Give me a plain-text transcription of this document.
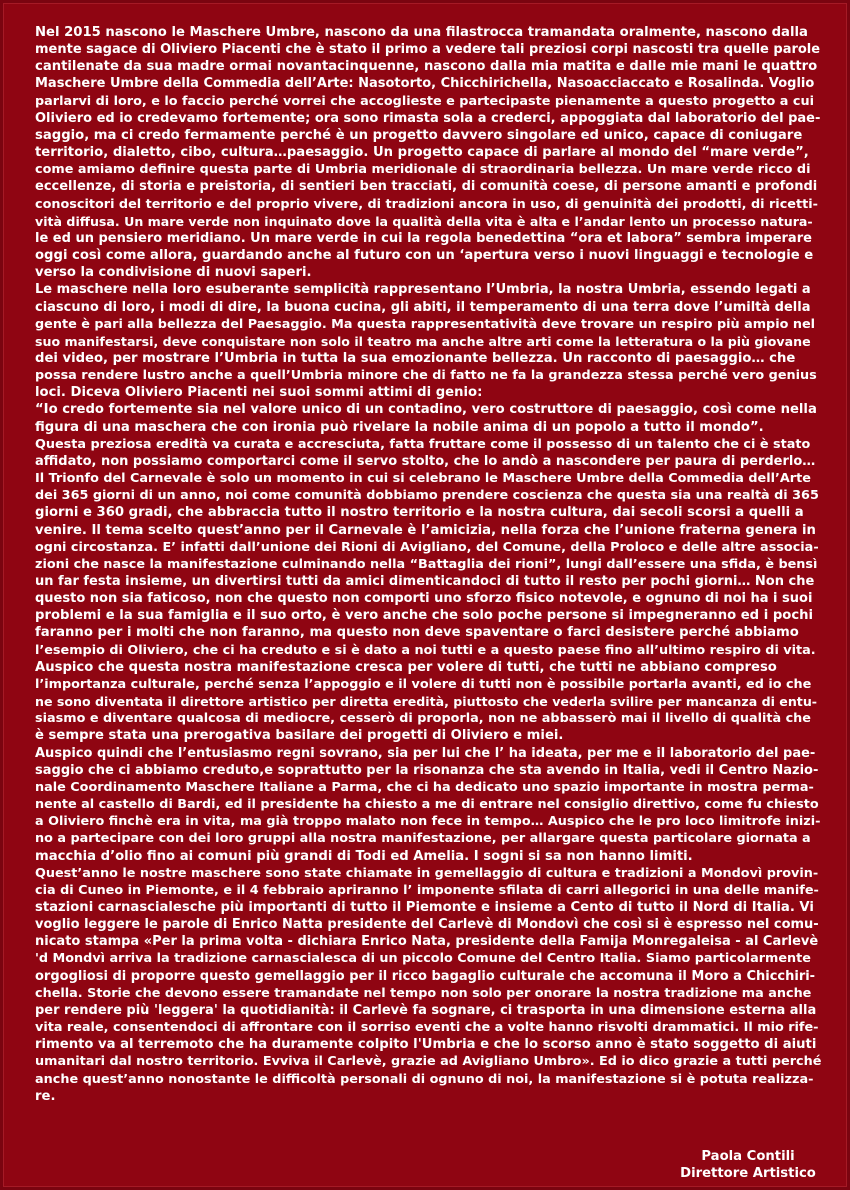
Nel 2015 nascono le Maschere Umbre, nascono da una filastrocca tramandata oralmente, nascono dalla
mente sagace di Oliviero Piacenti che è stato il primo a vedere tali preziosi corpi nascosti tra quelle parole
cantilenate da sua madre ormai novantacinquenne, nascono dalla mia matita e dalle mie mani le quattro
Maschere Umbre della Commedia dell’Arte: Nasotorto, Chicchirichella, Nasoacciaccato e Rosalinda. Voglio
parlarvi di loro, e lo faccio perché vorrei che accoglieste e partecipaste pienamente a questo progetto a cui
Oliviero ed io credevamo fortemente; ora sono rimasta sola a crederci, appoggiata dal laboratorio del pae-
saggio, ma ci credo fermamente perché è un progetto davvero singolare ed unico, capace di coniugare
territorio, dialetto, cibo, cultura…paesaggio. Un progetto capace di parlare al mondo del “mare verde”,
come amiamo definire questa parte di Umbria meridionale di straordinaria bellezza. Un mare verde ricco di
eccellenze, di storia e preistoria, di sentieri ben tracciati, di comunità coese, di persone amanti e profondi
conoscitori del territorio e del proprio vivere, di tradizioni ancora in uso, di genuinità dei prodotti, di ricetti-
vità diffusa. Un mare verde non inquinato dove la qualità della vita è alta e l’andar lento un processo natura-
le ed un pensiero meridiano. Un mare verde in cui la regola benedettina “ora et labora” sembra imperare
oggi così come allora, guardando anche al futuro con un ‘apertura verso i nuovi linguaggi e tecnologie e
verso la condivisione di nuovi saperi.
Le maschere nella loro esuberante semplicità rappresentano l’Umbria, la nostra Umbria, essendo legati a
ciascuno di loro, i modi di dire, la buona cucina, gli abiti, il temperamento di una terra dove l’umiltà della
gente è pari alla bellezza del Paesaggio. Ma questa rappresentatività deve trovare un respiro più ampio nel
suo manifestarsi, deve conquistare non solo il teatro ma anche altre arti come la letteratura o la più giovane
dei video, per mostrare l’Umbria in tutta la sua emozionante bellezza. Un racconto di paesaggio… che
possa rendere lustro anche a quell’Umbria minore che di fatto ne fa la grandezza stessa perché vero genius
loci. Diceva Oliviero Piacenti nei suoi sommi attimi di genio:
“Io credo fortemente sia nel valore unico di un contadino, vero costruttore di paesaggio, così come nella
figura di una maschera che con ironia può rivelare la nobile anima di un popolo a tutto il mondo”.
Questa preziosa eredità va curata e accresciuta, fatta fruttare come il possesso di un talento che ci è stato
affidato, non possiamo comportarci come il servo stolto, che lo andò a nascondere per paura di perderlo…
Il Trionfo del Carnevale è solo un momento in cui si celebrano le Maschere Umbre della Commedia dell’Arte
dei 365 giorni di un anno, noi come comunità dobbiamo prendere coscienza che questa sia una realtà di 365
giorni e 360 gradi, che abbraccia tutto il nostro territorio e la nostra cultura, dai secoli scorsi a quelli a
venire. Il tema scelto quest’anno per il Carnevale è l’amicizia, nella forza che l’unione fraterna genera in
ogni circostanza. E’ infatti dall’unione dei Rioni di Avigliano, del Comune, della Proloco e delle altre associa-
zioni che nasce la manifestazione culminando nella “Battaglia dei rioni”, lungi dall’essere una sfida, è bensì
un far festa insieme, un divertirsi tutti da amici dimenticandoci di tutto il resto per pochi giorni… Non che
questo non sia faticoso, non che questo non comporti uno sforzo fisico notevole, e ognuno di noi ha i suoi
problemi e la sua famiglia e il suo orto, è vero anche che solo poche persone si impegneranno ed i pochi
faranno per i molti che non faranno, ma questo non deve spaventare o farci desistere perché abbiamo
l’esempio di Oliviero, che ci ha creduto e si è dato a noi tutti e a questo paese fino all’ultimo respiro di vita.
Auspico che questa nostra manifestazione cresca per volere di tutti, che tutti ne abbiano compreso
l’importanza culturale, perché senza l’appoggio e il volere di tutti non è possibile portarla avanti, ed io che
ne sono diventata il direttore artistico per diretta eredità, piuttosto che vederla svilire per mancanza di entu-
siasmo e diventare qualcosa di mediocre, cesserò di proporla, non ne abbasserò mai il livello di qualità che
è sempre stata una prerogativa basilare dei progetti di Oliviero e miei.
Auspico quindi che l’entusiasmo regni sovrano, sia per lui che l’ ha ideata, per me e il laboratorio del pae-
saggio che ci abbiamo creduto,e soprattutto per la risonanza che sta avendo in Italia, vedi il Centro Nazio-
nale Coordinamento Maschere Italiane a Parma, che ci ha dedicato uno spazio importante in mostra perma-
nente al castello di Bardi, ed il presidente ha chiesto a me di entrare nel consiglio direttivo, come fu chiesto
a Oliviero finchè era in vita, ma già troppo malato non fece in tempo… Auspico che le pro loco limitrofe inizi-
no a partecipare con dei loro gruppi alla nostra manifestazione, per allargare questa particolare giornata a
macchia d’olio fino ai comuni più grandi di Todi ed Amelia. I sogni si sa non hanno limiti.
Quest’anno le nostre maschere sono state chiamate in gemellaggio di cultura e tradizioni a Mondovì provin-
cia di Cuneo in Piemonte, e il 4 febbraio apriranno l’ imponente sfilata di carri allegorici in una delle manife-
stazioni carnascialesche più importanti di tutto il Piemonte e insieme a Cento di tutto il Nord di Italia. Vi
voglio leggere le parole di Enrico Natta presidente del Carlevè di Mondovì che così si è espresso nel comu-
nicato stampa «Per la prima volta - dichiara Enrico Nata, presidente della Famija Monregaleisa - al Carlevè
'd Mondvì arriva la tradizione carnascialesca di un piccolo Comune del Centro Italia. Siamo particolarmente
orgogliosi di proporre questo gemellaggio per il ricco bagaglio culturale che accomuna il Moro a Chicchiri-
chella. Storie che devono essere tramandate nel tempo non solo per onorare la nostra tradizione ma anche
per rendere più 'leggera' la quotidianità: il Carlevè fa sognare, ci trasporta in una dimensione esterna alla
vita reale, consentendoci di affrontare con il sorriso eventi che a volte hanno risvolti drammatici. Il mio rife-
rimento va al terremoto che ha duramente colpito l'Umbria e che lo scorso anno è stato soggetto di aiuti
umanitari dal nostro territorio. Evviva il Carlevè, grazie ad Avigliano Umbro». Ed io dico grazie a tutti perché
anche quest’anno nonostante le difficoltà personali di ognuno di noi, la manifestazione si è potuta realizza-
re.
Paola Contili
Direttore Artistico
